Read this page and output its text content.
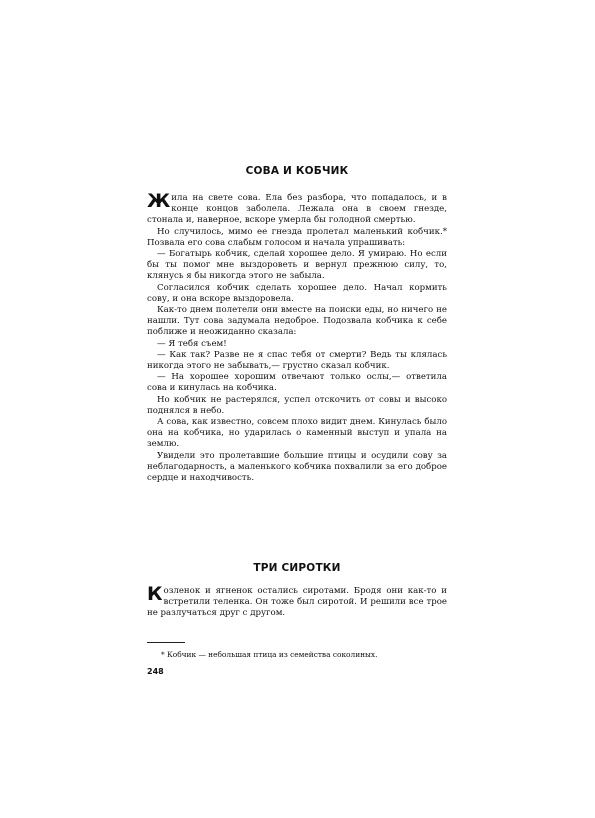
СОВА И КОБЧИК

Жила на свете сова. Ела без разбора, что попадалось, и в конце концов заболела. Лежала она в своем гнезде, стонала и, наверное, вскоре умерла бы голодной смертью.

Но случилось, мимо ее гнезда пролетал маленький кобчик.* Позвала его сова слабым голосом и начала упрашивать:

— Богатырь кобчик, сделай хорошее дело. Я умираю. Но если бы ты помог мне выздороветь и вернул прежнюю силу, то, клянусь я бы никогда этого не забыла.

Согласился кобчик сделать хорошее дело. Начал кормить сову, и она вскоре выздоровела.

Как-то днем полетели они вместе на поиски еды, но ничего не нашли. Тут сова задумала недоброе. Подозвала кобчика к себе поближе и неожиданно сказала:

— Я тебя съем!

— Как так? Разве не я спас тебя от смерти? Ведь ты клялась никогда этого не забывать,— грустно сказал кобчик.

— На хорошее хорошим отвечают только ослы,— ответила сова и кинулась на кобчика.

Но кобчик не растерялся, успел отскочить от совы и высоко поднялся в небо.

А сова, как известно, совсем плохо видит днем. Кинулась было она на кобчика, но ударилась о каменный выступ и упала на землю.

Увидели это пролетавшие большие птицы и осудили сову за неблагодарность, а маленького кобчика похвалили за его доброе сердце и находчивость.

ТРИ СИРОТКИ

Козленок и ягненок остались сиротами. Бродя они как-то и встретили теленка. Он тоже был сиротой. И решили все трое не разлучаться друг с другом.

* Кобчик — небольшая птица из семейства соколиных.

248
